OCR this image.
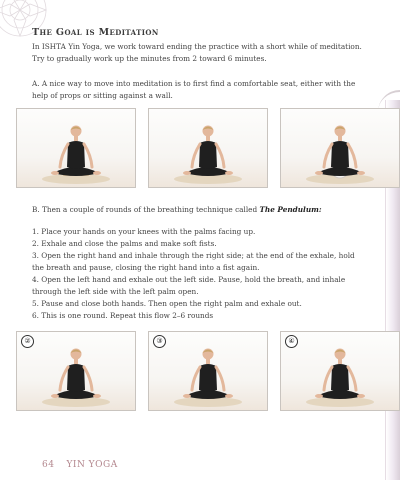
The Goal is Meditation
In ISHTA Yin Yoga, we work toward ending the practice with a short while of meditation. Try to gradually work up the minutes from 2 toward 6 minutes.
A. A nice way to move into meditation is to first find a comfortable seat, either with the help of props or sitting against a wall.
B. Then a couple of rounds of the breathing technique called The Pendulum:
1. Place your hands on your knees with the palms facing up.
2. Exhale and close the palms and make soft fists.
3. Open the right hand and inhale through the right side; at the end of the exhale, hold the breath and pause, closing the right hand into a fist again.
4. Open the left hand and exhale out the left side. Pause, hold the breath, and inhale through the left side with the left palm open.
5. Pause and close both hands. Then open the right palm and exhale out.
6. This is one round. Repeat this flow 2–6 rounds
②	③	④
64 YIN YOGA
